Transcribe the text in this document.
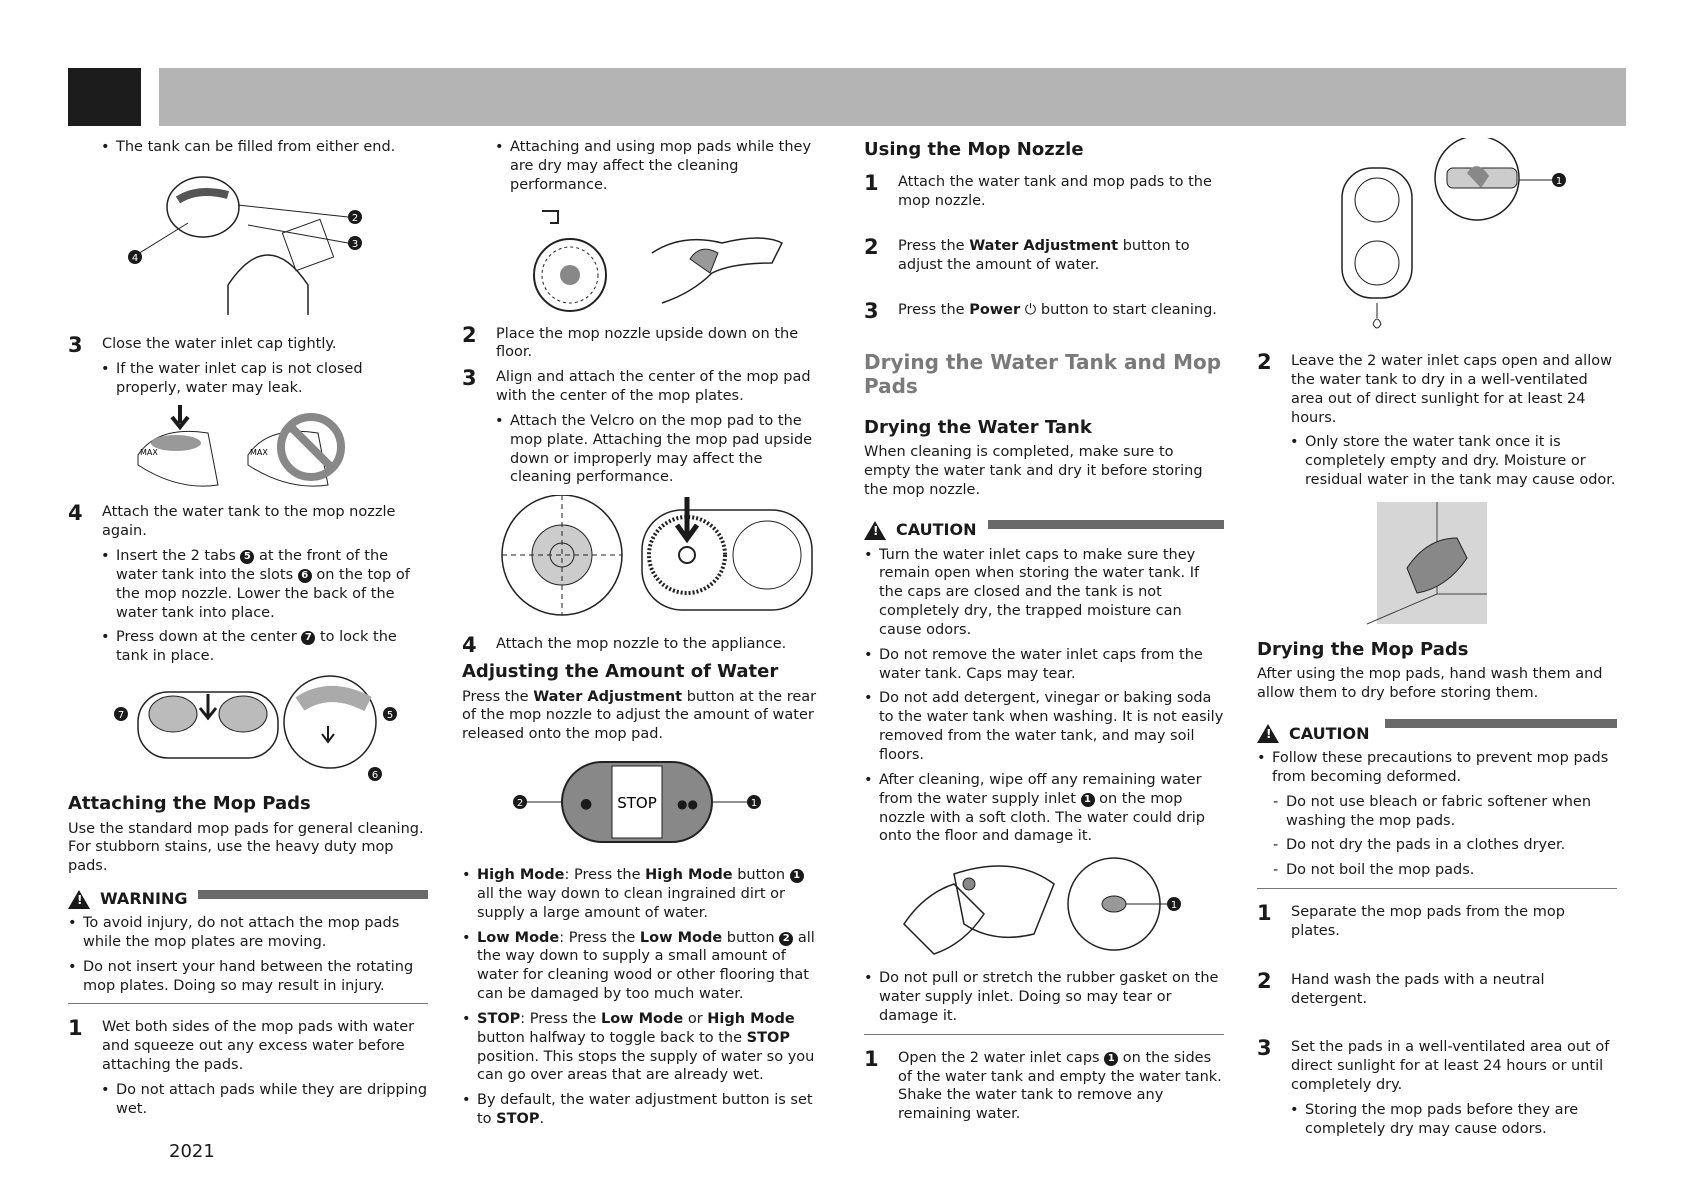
• The tank can be filled from either end.

2
3
4
3 Close the water inlet cap tightly.

• If the water inlet cap is not closed properly, water may leak.

MAX	MAX
4 Attach the water tank to the mop nozzle again.

• Insert the 2 tabs 5 at the front of the water tank into the slots 6 on the top of the mop nozzle. Lower the back of the water tank into place.

• Press down at the center 7 to lock the tank in place.

7	5
6
Attaching the Mop Pads

Use the standard mop pads for general cleaning. For stubborn stains, use the heavy duty mop pads.

! WARNING

• To avoid injury, do not attach the mop pads while the mop plates are moving.

• Do not insert your hand between the rotating mop plates. Doing so may result in injury.

1 Wet both sides of the mop pads with water and squeeze out any excess water before attaching the pads.

• Do not attach pads while they are dripping wet.

• Attaching and using mop pads while they are dry may affect the cleaning performance.

2 Place the mop nozzle upside down on the floor.

3 Align and attach the center of the mop pad with the center of the mop plates.

• Attach the Velcro on the mop pad to the mop plate. Attaching the mop pad upside down or improperly may affect the cleaning performance.

4 Attach the mop nozzle to the appliance.

Adjusting the Amount of Water

Press the Water Adjustment button at the rear of the mop nozzle to adjust the amount of water released onto the mop pad.

STOP
●	●●
2	1

• High Mode: Press the High Mode button 1 all the way down to clean ingrained dirt or supply a large amount of water.

• Low Mode: Press the Low Mode button 2 all the way down to supply a small amount of water for cleaning wood or other flooring that can be damaged by too much water.

• STOP: Press the Low Mode or High Mode button halfway to toggle back to the STOP position. This stops the supply of water so you can go over areas that are already wet.

• By default, the water adjustment button is set to STOP.

Using the Mop Nozzle
1 Attach the water tank and mop pads to the mop nozzle.

2 Press the Water Adjustment button to adjust the amount of water.

3 Press the Power ⏻ button to start cleaning.

Drying the Water Tank and Mop Pads

Drying the Water Tank

When cleaning is completed, make sure to empty the water tank and dry it before storing the mop nozzle.

! CAUTION

• Turn the water inlet caps to make sure they remain open when storing the water tank. If the caps are closed and the tank is not completely dry, the trapped moisture can cause odors.

• Do not remove the water inlet caps from the water tank. Caps may tear.

• Do not add detergent, vinegar or baking soda to the water tank when washing. It is not easily removed from the water tank, and may soil floors.

• After cleaning, wipe off any remaining water from the water supply inlet 1 on the mop nozzle with a soft cloth. The water could drip onto the floor and damage it.

1

• Do not pull or stretch the rubber gasket on the water supply inlet. Doing so may tear or damage it.

1 Open the 2 water inlet caps 1 on the sides of the water tank and empty the water tank. Shake the water tank to remove any remaining water.

1
2 Leave the 2 water inlet caps open and allow the water tank to dry in a well-ventilated area out of direct sunlight for at least 24 hours.

• Only store the water tank once it is completely empty and dry. Moisture or residual water in the tank may cause odor.

Drying the Mop Pads

After using the mop pads, hand wash them and allow them to dry before storing them.

! CAUTION

• Follow these precautions to prevent mop pads from becoming deformed.

- Do not use bleach or fabric softener when washing the mop pads.

- Do not dry the pads in a clothes dryer.

- Do not boil the mop pads.

1 Separate the mop pads from the mop plates.

2 Hand wash the pads with a neutral detergent.

3 Set the pads in a well-ventilated area out of direct sunlight for at least 24 hours or until completely dry.

• Storing the mop pads before they are completely dry may cause odors.

2021
